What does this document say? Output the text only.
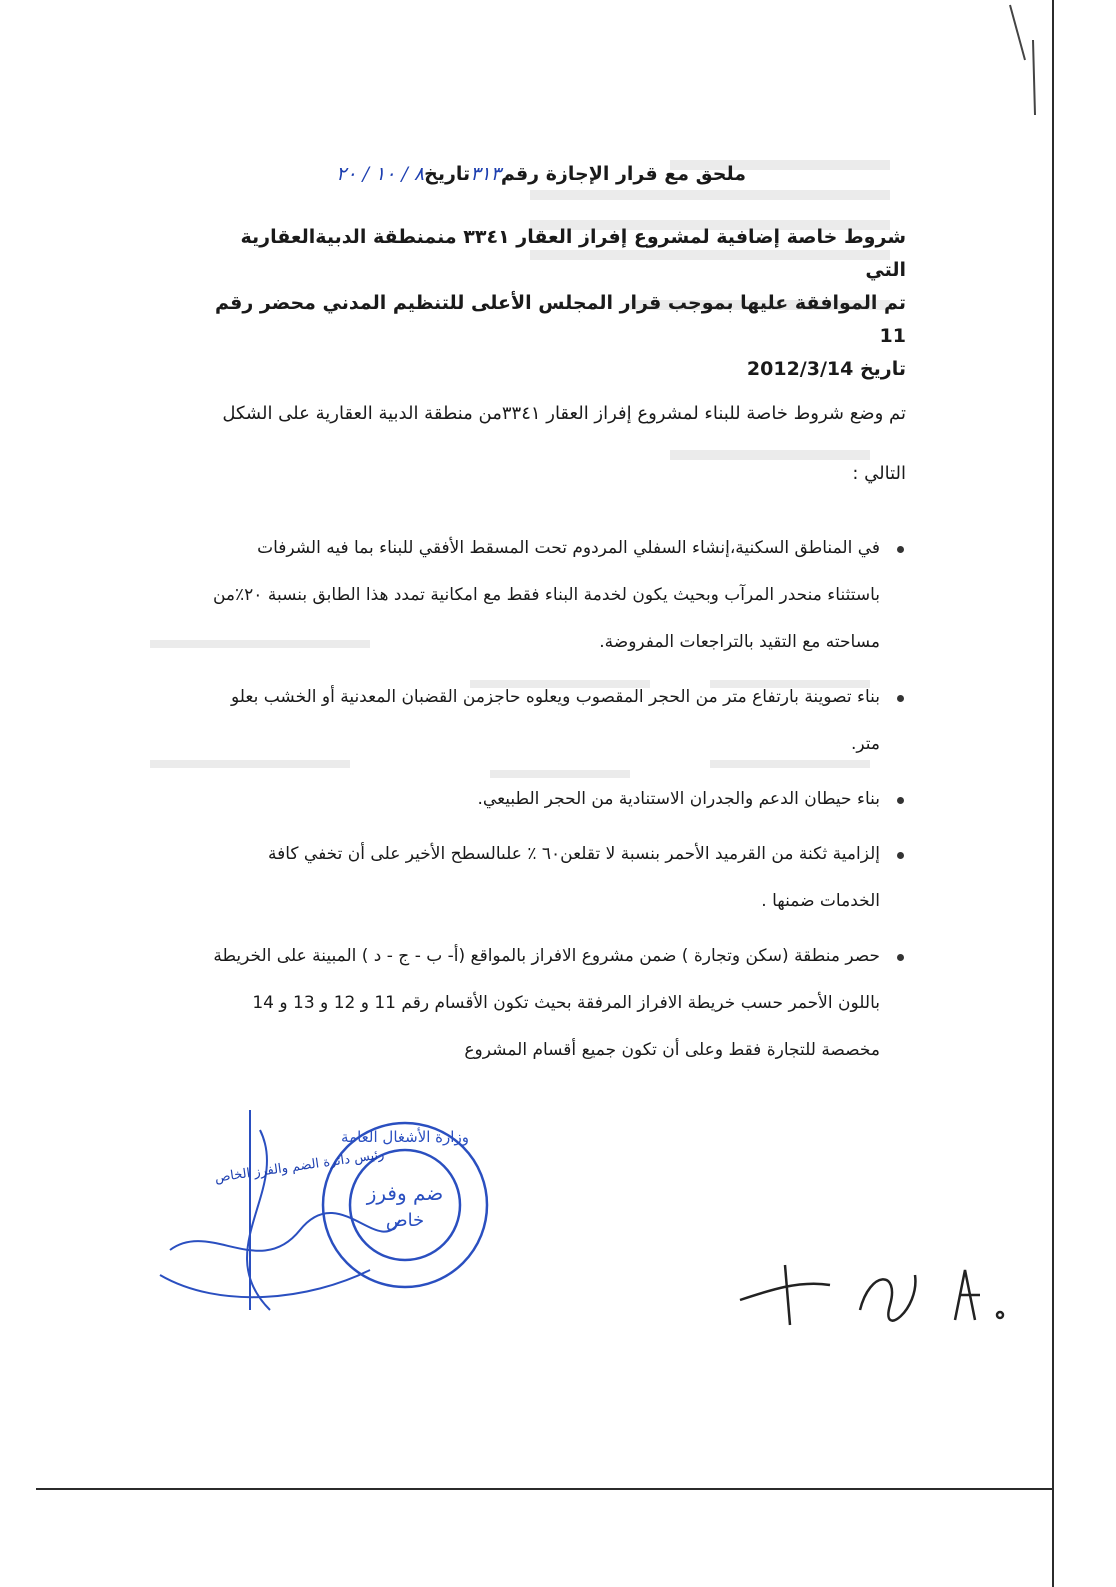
ملحق مع قرار الإجازة رقم٣١٣تاريخ٨ / ١٠ / ٢٠
شروط خاصة إضافية لمشروع إفراز العقار ٣٣٤١ منمنطقة الدبيةالعقارية التي
تم الموافقة عليها بموجب قرار المجلس الأعلى للتنظيم المدني محضر رقم 11
تاريخ 2012/3/14
تم وضع شروط خاصة للبناء لمشروع إفراز العقار ٣٣٤١من منطقة الدبية العقارية على الشكل التالي :
في المناطق السكنية،إنشاء السفلي المردوم تحت المسقط الأفقي للبناء بما فيه الشرفات باستثناء منحدر المرآب وبحيث يكون لخدمة البناء فقط مع امكانية تمدد هذا الطابق بنسبة ٢٠٪من مساحته مع التقيد بالتراجعات المفروضة.
بناء تصوينة بارتفاع متر من الحجر المقصوب ويعلوه حاجزمن القضبان المعدنية أو الخشب بعلو متر.
بناء حيطان الدعم والجدران الاستنادية من الحجر الطبيعي.
إلزامية ثكنة من القرميد الأحمر بنسبة لا تقلعن٦٠ ٪ علىالسطح الأخير على أن تخفي كافة الخدمات ضمنها .
حصر منطقة (سكن وتجارة ) ضمن مشروع الافراز بالمواقع (أ- ب - ج - د ) المبينة على الخريطة باللون الأحمر حسب خريطة الافراز المرفقة بحيث تكون الأقسام رقم 11 و 12 و 13 و 14 مخصصة للتجارة فقط وعلى أن تكون جميع أقسام المشروع
ضم وفرز
خاص
وزارة الأشغال العامة
رئيس دائرة الضم والفرز الخاص
